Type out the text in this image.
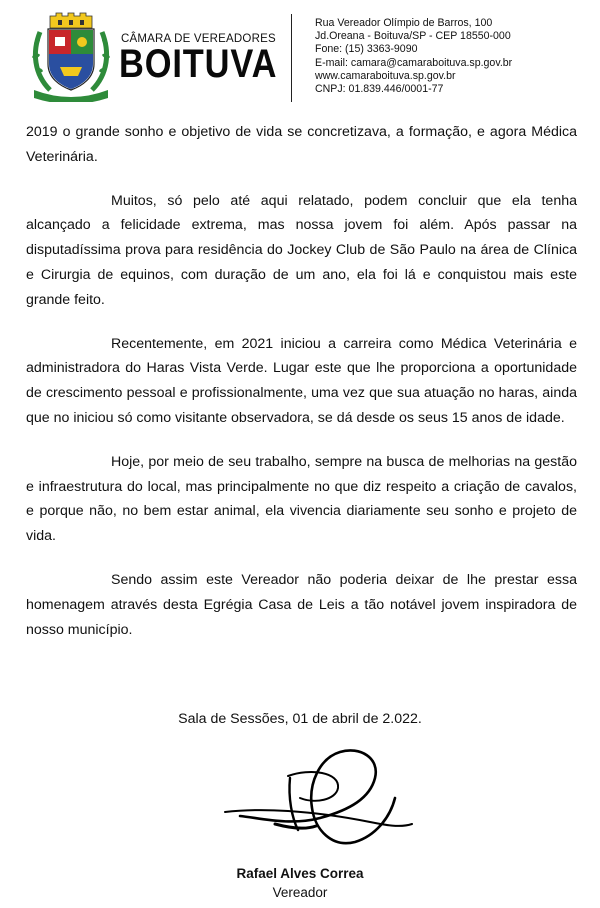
CÂMARA DE VEREADORES
BOITUVA
Rua Vereador Olímpio de Barros, 100
Jd.Oreana - Boituva/SP - CEP 18550-000
Fone: (15) 3363-9090
E-mail: camara@camaraboituva.sp.gov.br
www.camaraboituva.sp.gov.br
CNPJ: 01.839.446/0001-77

2019 o grande sonho e objetivo de vida se concretizava, a formação, e agora Médica Veterinária.

Muitos, só pelo até aqui relatado, podem concluir que ela tenha alcançado a felicidade extrema, mas nossa jovem foi além. Após passar na disputadíssima prova para residência do Jockey Club de São Paulo na área de Clínica e Cirurgia de equinos, com duração de um ano, ela foi lá e conquistou mais este grande feito.

Recentemente, em 2021 iniciou a carreira como Médica Veterinária e administradora do Haras Vista Verde. Lugar este que lhe proporciona a oportunidade de crescimento pessoal e profissionalmente, uma vez que sua atuação no haras, ainda que no iniciou só como visitante observadora, se dá desde os seus 15 anos de idade.

Hoje, por meio de seu trabalho, sempre na busca de melhorias na gestão e infraestrutura do local, mas principalmente no que diz respeito a criação de cavalos, e porque não, no bem estar animal, ela vivencia diariamente seu sonho e projeto de vida.

Sendo assim este Vereador não poderia deixar de lhe prestar essa homenagem através desta Egrégia Casa de Leis a tão notável jovem inspiradora de nosso município.

Sala de Sessões, 01 de abril de 2.022.
Rafael Alves Correa
Vereador
